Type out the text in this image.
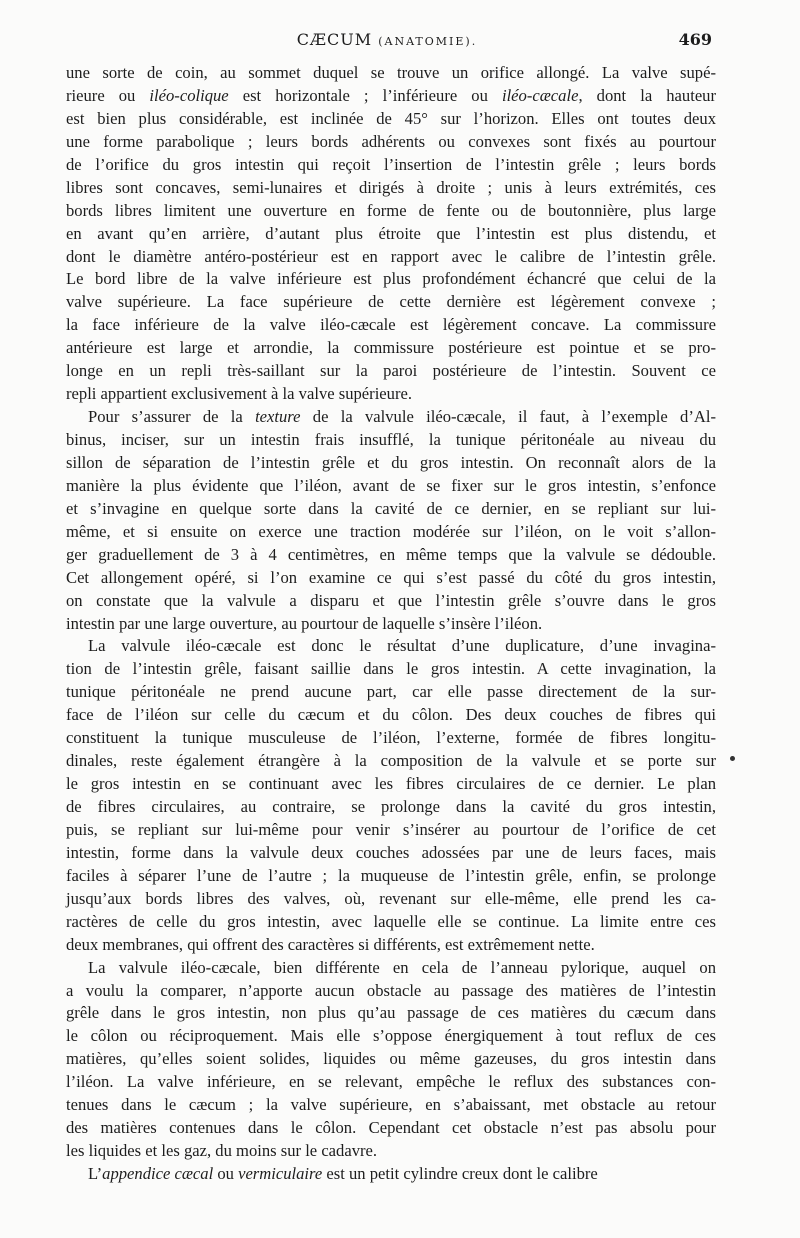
CÆCUM (ANATOMIE).	469

une sorte de coin, au sommet duquel se trouve un orifice allongé. La valve supé-
rieure ou iléo-colique est horizontale ; l’inférieure ou iléo-cæcale, dont la hauteur
est bien plus considérable, est inclinée de 45° sur l’horizon. Elles ont toutes deux
une forme parabolique ; leurs bords adhérents ou convexes sont fixés au pourtour
de l’orifice du gros intestin qui reçoit l’insertion de l’intestin grêle ; leurs bords
libres sont concaves, semi-lunaires et dirigés à droite ; unis à leurs extrémités, ces
bords libres limitent une ouverture en forme de fente ou de boutonnière, plus large
en avant qu’en arrière, d’autant plus étroite que l’intestin est plus distendu, et
dont le diamètre antéro-postérieur est en rapport avec le calibre de l’intestin grêle.
Le bord libre de la valve inférieure est plus profondément échancré que celui de la
valve supérieure. La face supérieure de cette dernière est légèrement convexe ;
la face inférieure de la valve iléo-cæcale est légèrement concave. La commissure
antérieure est large et arrondie, la commissure postérieure est pointue et se pro-
longe en un repli très-saillant sur la paroi postérieure de l’intestin. Souvent ce
repli appartient exclusivement à la valve supérieure.

Pour s’assurer de la texture de la valvule iléo-cæcale, il faut, à l’exemple d’Al-
binus, inciser, sur un intestin frais insufflé, la tunique péritonéale au niveau du
sillon de séparation de l’intestin grêle et du gros intestin. On reconnaît alors de la
manière la plus évidente que l’iléon, avant de se fixer sur le gros intestin, s’enfonce
et s’invagine en quelque sorte dans la cavité de ce dernier, en se repliant sur lui-
même, et si ensuite on exerce une traction modérée sur l’iléon, on le voit s’allon-
ger graduellement de 3 à 4 centimètres, en même temps que la valvule se dédouble.
Cet allongement opéré, si l’on examine ce qui s’est passé du côté du gros intestin,
on constate que la valvule a disparu et que l’intestin grêle s’ouvre dans le gros
intestin par une large ouverture, au pourtour de laquelle s’insère l’iléon.

La valvule iléo-cæcale est donc le résultat d’une duplicature, d’une invagina-
tion de l’intestin grêle, faisant saillie dans le gros intestin. A cette invagination, la
tunique péritonéale ne prend aucune part, car elle passe directement de la sur-
face de l’iléon sur celle du cæcum et du côlon. Des deux couches de fibres qui
constituent la tunique musculeuse de l’iléon, l’externe, formée de fibres longitu-
dinales, reste également étrangère à la composition de la valvule et se porte sur
le gros intestin en se continuant avec les fibres circulaires de ce dernier. Le plan
de fibres circulaires, au contraire, se prolonge dans la cavité du gros intestin,
puis, se repliant sur lui-même pour venir s’insérer au pourtour de l’orifice de cet
intestin, forme dans la valvule deux couches adossées par une de leurs faces, mais
faciles à séparer l’une de l’autre ; la muqueuse de l’intestin grêle, enfin, se prolonge
jusqu’aux bords libres des valves, où, revenant sur elle-même, elle prend les ca-
ractères de celle du gros intestin, avec laquelle elle se continue. La limite entre ces
deux membranes, qui offrent des caractères si différents, est extrêmement nette.

La valvule iléo-cæcale, bien différente en cela de l’anneau pylorique, auquel on
a voulu la comparer, n’apporte aucun obstacle au passage des matières de l’intestin
grêle dans le gros intestin, non plus qu’au passage de ces matières du cæcum dans
le côlon ou réciproquement. Mais elle s’oppose énergiquement à tout reflux de ces
matières, qu’elles soient solides, liquides ou même gazeuses, du gros intestin dans
l’iléon. La valve inférieure, en se relevant, empêche le reflux des substances con-
tenues dans le cæcum ; la valve supérieure, en s’abaissant, met obstacle au retour
des matières contenues dans le côlon. Cependant cet obstacle n’est pas absolu pour
les liquides et les gaz, du moins sur le cadavre.

L’appendice cæcal ou vermiculaire est un petit cylindre creux dont le calibre
